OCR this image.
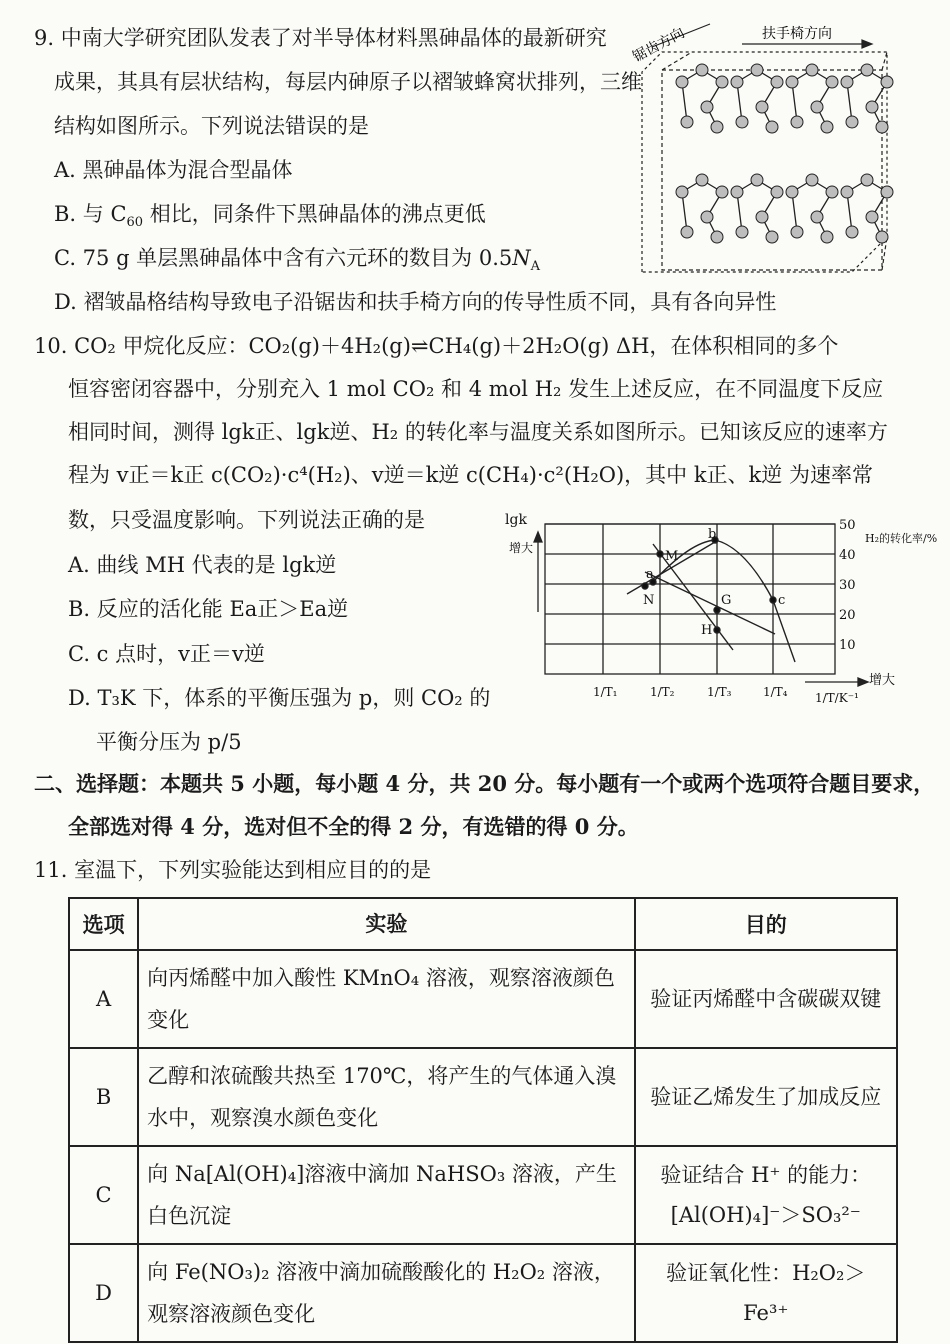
9. 中南大学研究团队发表了对半导体材料黑砷晶体的最新研究
成果，其具有层状结构，每层内砷原子以褶皱蜂窝状排列，三维
结构如图所示。下列说法错误的是
A. 黑砷晶体为混合型晶体
B. 与 $C_{60}$ 相比，同条件下黑砷晶体的沸点更低
C. 75 g 单层黑砷晶体中含有六元环的数目为 $0.5N_A$
D. 褶皱晶格结构导致电子沿锯齿和扶手椅方向的传导性质不同，具有各向异性
锯齿方向	扶手椅方向
10. CO₂ 甲烷化反应：CO₂(g)＋4H₂(g)⇌CH₄(g)＋2H₂O(g) ΔH，在体积相同的多个
恒容密闭容器中，分别充入 1 mol CO₂ 和 4 mol H₂ 发生上述反应，在不同温度下反应
相同时间，测得 lgk正、lgk逆、H₂ 的转化率与温度关系如图所示。已知该反应的速率方
程为 v正＝k正 c(CO₂)·c⁴(H₂)、v逆＝k逆 c(CH₄)·c²(H₂O)，其中 k正、k逆 为速率常
数，只受温度影响。下列说法正确的是
A. 曲线 MH 代表的是 lgk逆
B. 反应的活化能 Ea正＞Ea逆
C. c 点时，v正＝v逆
D. T₃K 下，体系的平衡压强为 p，则 CO₂ 的
平衡分压为 p/5
10
20
30
40
50
1/T₁	1/T₂	1/T₃	1/T₄
lgk
增大
H₂的转化率/%
1/T/K⁻¹
增大
a
b
M
N	G
H
c
二、选择题：本题共 5 小题，每小题 4 分，共 20 分。每小题有一个或两个选项符合题目要求，
全部选对得 4 分，选对但不全的得 2 分，有选错的得 0 分。
11. 室温下，下列实验能达到相应目的的是
选项	实验	目的
A	向丙烯醛中加入酸性 KMnO₄ 溶液，观察溶液颜色变化	验证丙烯醛中含碳碳双键
B	乙醇和浓硫酸共热至 170℃，将产生的气体通入溴水中，观察溴水颜色变化	验证乙烯发生了加成反应
C	向 Na[Al(OH)₄]溶液中滴加 NaHSO₃ 溶液，产生白色沉淀	验证结合 H⁺ 的能力：[Al(OH)₄]⁻＞SO₃²⁻
D	向 Fe(NO₃)₂ 溶液中滴加硫酸酸化的 H₂O₂ 溶液，观察溶液颜色变化	验证氧化性：H₂O₂＞Fe³⁺
